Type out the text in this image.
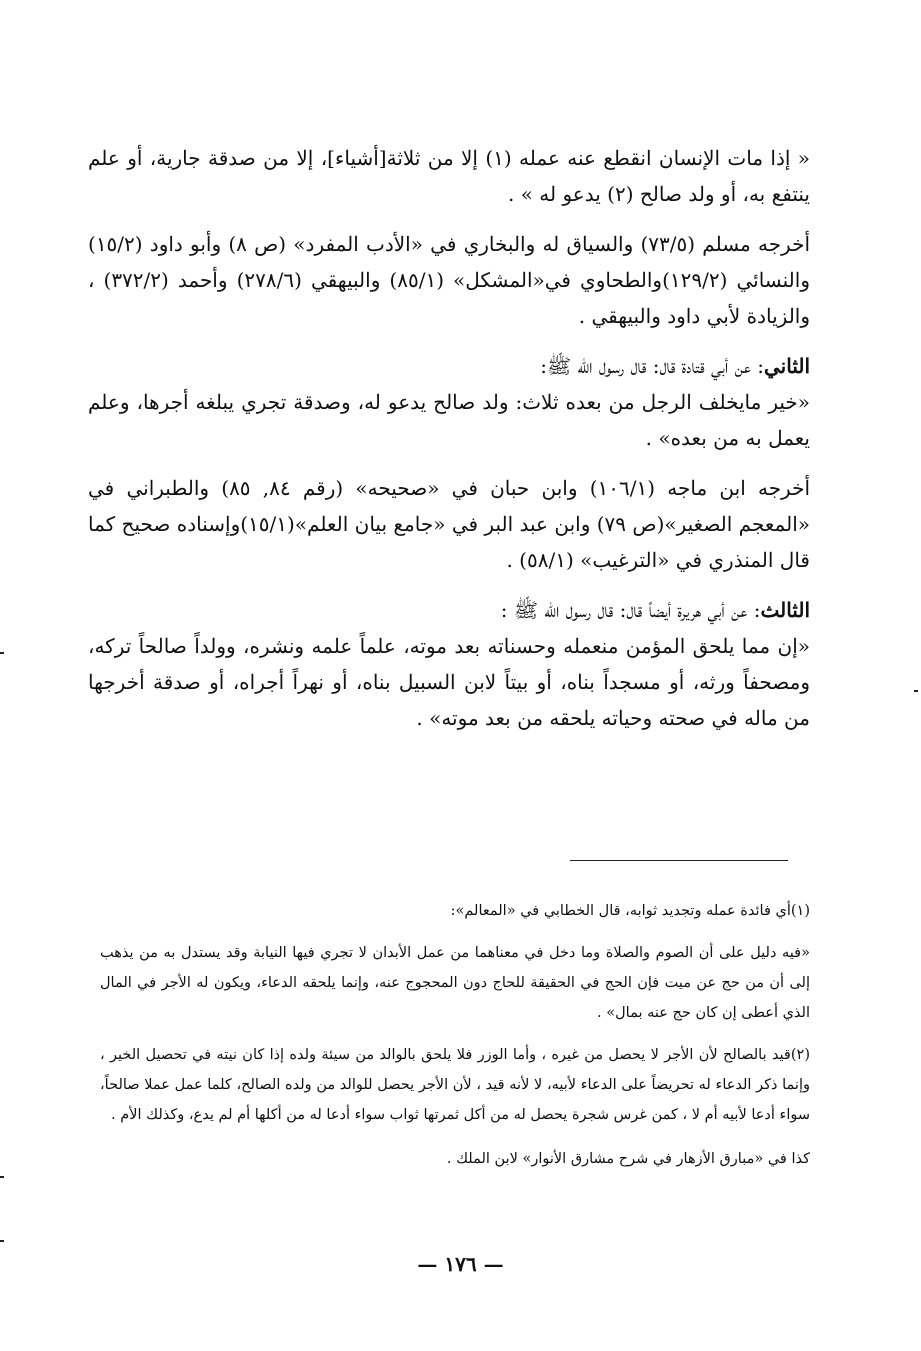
« إذا مات الإنسان انقطع عنه عمله (١) إلا من ثلاثة[أشياء]، إلا من صدقة جارية، أو علم ينتفع به، أو ولد صالح (٢) يدعو له » .

أخرجه مسلم (٧٣/٥) والسياق له والبخاري في «الأدب المفرد» (ص ٨) وأبو داود (١٥/٢) والنسائي (١٢٩/٢)والطحاوي في«المشكل» (٨٥/١) والبيهقي (٢٧٨/٦) وأحمد (٣٧٢/٢) ، والزيادة لأبي داود والبيهقي .

الثاني: عن أبي قتادة قال: قال رسول الله ﷺ:

«خير مايخلف الرجل من بعده ثلاث: ولد صالح يدعو له، وصدقة تجري يبلغه أجرها، وعلم يعمل به من بعده» .

أخرجه ابن ماجه (١٠٦/١) وابن حبان في «صحيحه» (رقم ٨٤, ٨٥) والطبراني في «المعجم الصغير»(ص ٧٩) وابن عبد البر في «جامع بيان العلم»(١٥/١)وإسناده صحيح كما قال المنذري في «الترغيب» (٥٨/١) .

الثالث: عن أبي هريرة أيضاً قال: قال رسول الله ﷺ :

«إن مما يلحق المؤمن منعمله وحسناته بعد موته، علماً علمه ونشره، وولداً صالحاً تركه، ومصحفاً ورثه، أو مسجداً بناه، أو بيتاً لابن السبيل بناه، أو نهراً أجراه، أو صدقة أخرجها من ماله في صحته وحياته يلحقه من بعد موته» .

(١)أي فائدة عمله وتجديد ثوابه، قال الخطابي في «المعالم»:

«فيه دليل على أن الصوم والصلاة وما دخل في معناهما من عمل الأبدان لا تجري فيها النيابة وقد يستدل به من يذهب إلى أن من حج عن ميت فإن الحج في الحقيقة للحاج دون المحجوج عنه، وإنما يلحقه الدعاء، ويكون له الأجر في المال الذي أعطى إن كان حج عنه بمال» .

(٢)قيد بالصالح لأن الأجر لا يحصل من غيره ، وأما الوزر فلا يلحق بالوالد من سيئة ولده إذا كان نيته في تحصيل الخير ، وإنما ذكر الدعاء له تحريضاً على الدعاء لأبيه، لا لأنه قيد ، لأن الأجر يحصل للوالد من ولده الصالح، كلما عمل عملا صالحاً، سواء أدعا لأبيه أم لا ، كمن غرس شجرة يحصل له من أكل ثمرتها ثواب سواء أدعا له من أكلها أم لم يدع، وكذلك الأم .

كذا في «مبارق الأزهار في شرح مشارق الأنوار» لابن الملك .

— ١٧٦ —
